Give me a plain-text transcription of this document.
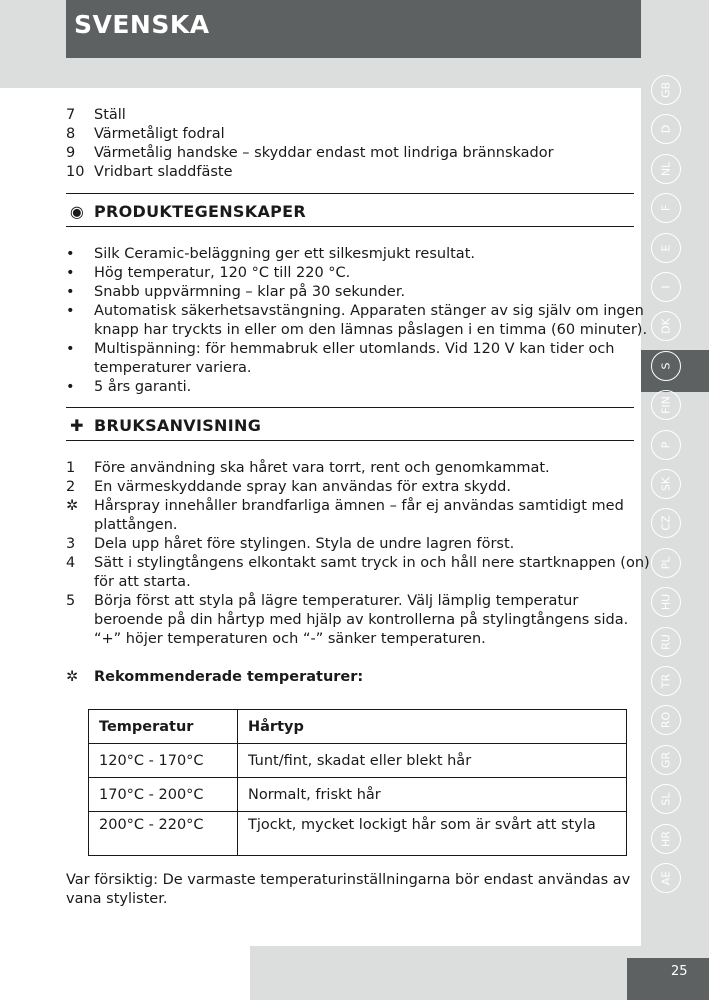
SVENSKA
25
GB
D
NL
F
E
I
DK
S
FIN
P
SK
CZ
PL
HU
RU
TR
RO
GR
SL
HR
AE
7	Ställ
8	Värmetåligt fodral
9	Värmetålig handske – skyddar endast mot lindriga brännskador
10 Vridbart sladdfäste
◉ PRODUKTEGENSKAPER
•	Silk Ceramic-beläggning ger ett silkesmjukt resultat.
•	Hög temperatur, 120 °C till 220 °C.
•	Snabb uppvärmning – klar på 30 sekunder.
•	Automatisk säkerhetsavstängning. Apparaten stänger av sig själv om ingen
knapp har tryckts in eller om den lämnas påslagen i en timma (60 minuter).
•	Multispänning: för hemmabruk eller utomlands. Vid 120 V kan tider och
temperaturer variera.
•	5 års garanti.
✚ BRUKSANVISNING
1	Före användning ska håret vara torrt, rent och genomkammat.
2	En värmeskyddande spray kan användas för extra skydd.
✲	Hårspray innehåller brandfarliga ämnen – får ej användas samtidigt med
plattången.
3	Dela upp håret före stylingen. Styla de undre lagren först.
4	Sätt i stylingtångens elkontakt samt tryck in och håll nere startknappen (on)
för att starta.
5	Börja först att styla på lägre temperaturer. Välj lämplig temperatur
beroende på din hårtyp med hjälp av kontrollerna på stylingtångens sida.
“+” höjer temperaturen och “-” sänker temperaturen.
✲	Rekommenderade temperaturer:
Temperatur	Hårtyp
120°C - 170°C	Tunt/fint, skadat eller blekt hår
170°C - 200°C	Normalt, friskt hår
200°C - 220°C	Tjockt, mycket lockigt hår som är svårt att styla
Var försiktig: De varmaste temperaturinställningarna bör endast användas av
vana stylister.
